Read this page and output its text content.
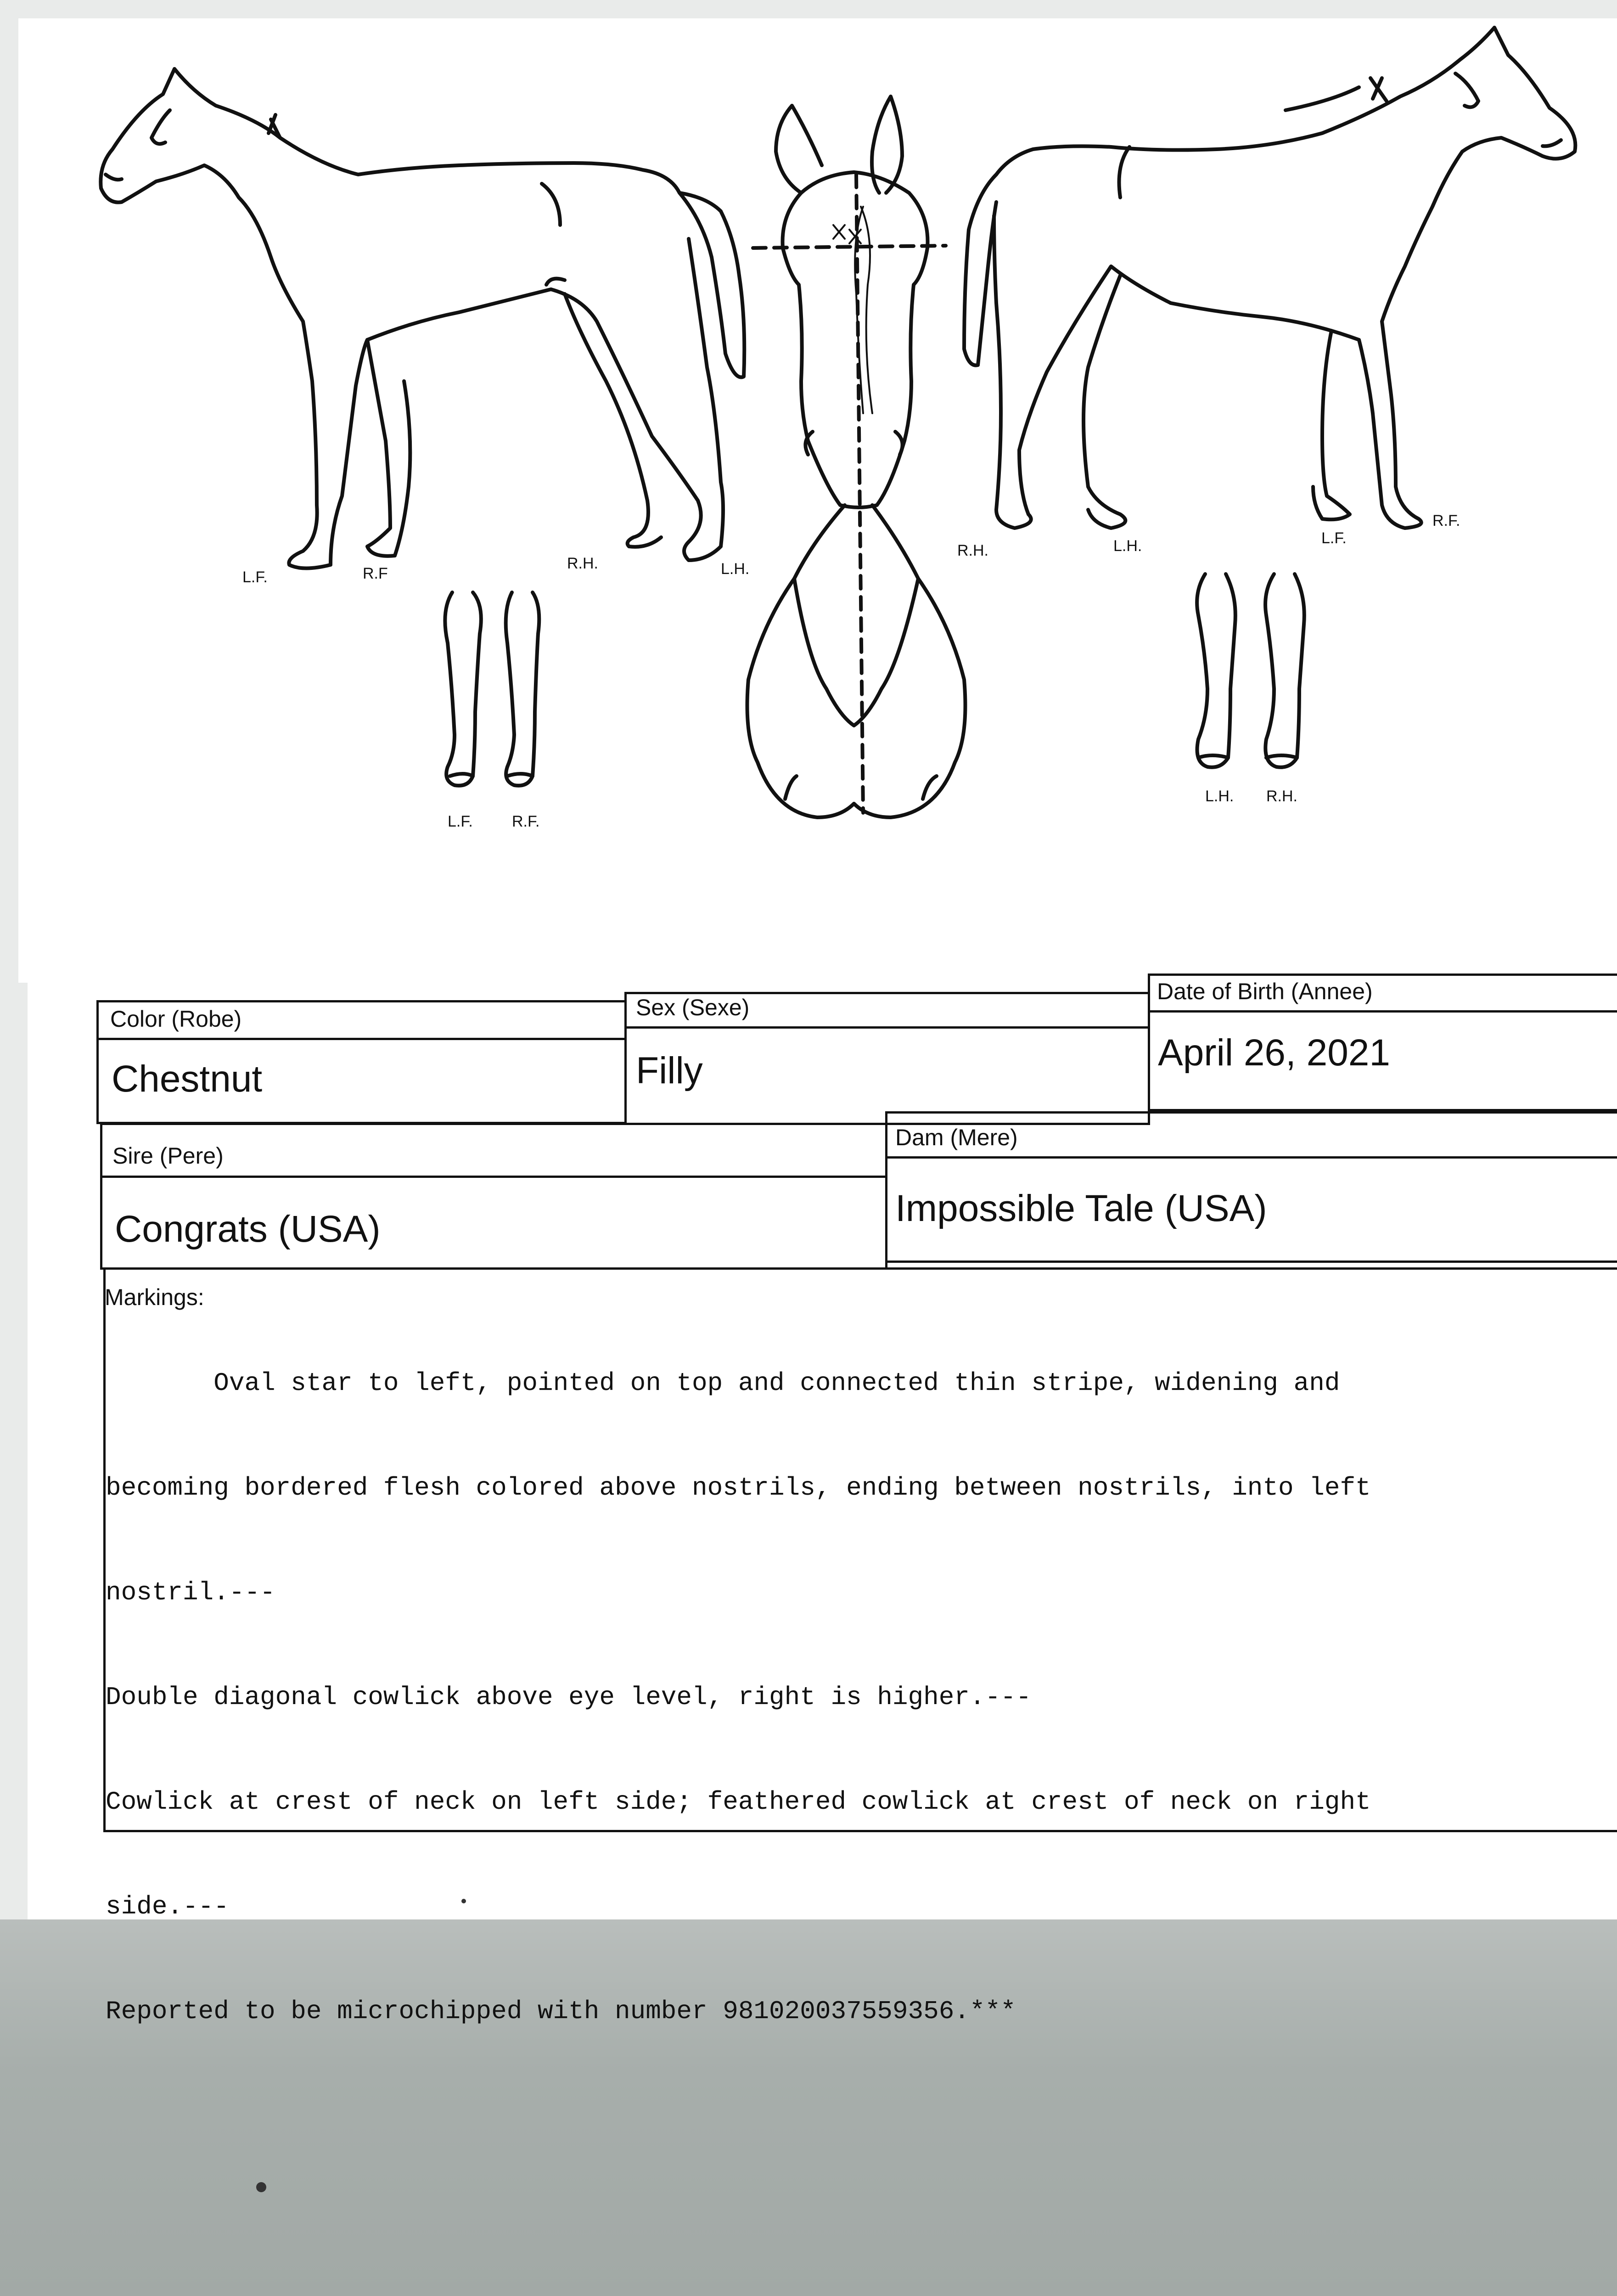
L.F.	R.F
R.H.	L.H.
R.H.	L.H.	L.F.
R.F.
L.F.	R.F.
L.H. R.H.
Color (Robe)
Chestnut
Sex (Sexe)
Filly
Date of Birth (Annee)
April 26, 2021
Sire (Pere)
Congrats (USA)
Dam (Mere)
Impossible Tale (USA)
Markings:

Oval star to left, pointed on top and connected thin stripe, widening and

becoming bordered flesh colored above nostrils, ending between nostrils, into left

nostril.---

Double diagonal cowlick above eye level, right is higher.---

Cowlick at crest of neck on left side; feathered cowlick at crest of neck on right

side.---

Reported to be microchipped with number 981020037559356.***
